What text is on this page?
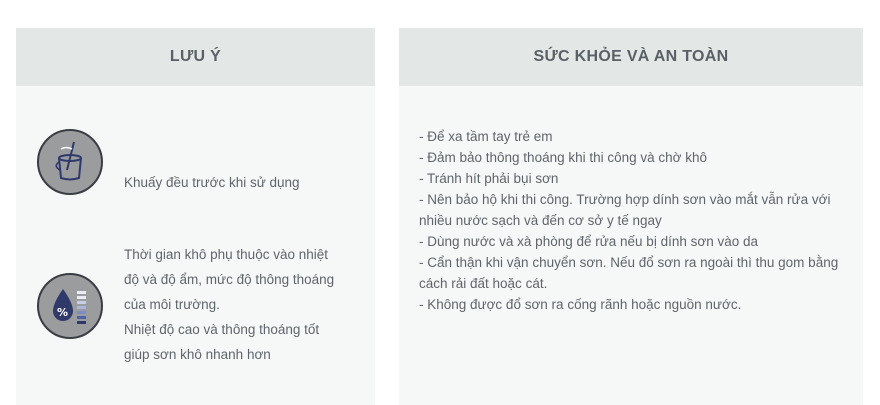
LƯU Ý
Khuấy đều trước khi sử dụng
%
Thời gian khô phụ thuộc vào nhiệt
độ và độ ẩm, mức độ thông thoáng
của môi trường.
Nhiệt độ cao và thông thoáng tốt
giúp sơn khô nhanh hơn
SỨC KHỎE VÀ AN TOÀN
- Để xa tầm tay trẻ em
- Đảm bảo thông thoáng khi thi công và chờ khô
- Tránh hít phải bụi sơn
- Nên bảo hộ khi thi công. Trường hợp dính sơn vào mắt vẫn rửa với nhiều nước sạch và đến cơ sở y tế ngay
- Dùng nước và xà phòng để rửa nếu bị dính sơn vào da
- Cẩn thận khi vận chuyển sơn. Nếu đổ sơn ra ngoài thì thu gom bằng cách rải đất hoặc cát.
- Không được đổ sơn ra cống rãnh hoặc nguồn nước.
